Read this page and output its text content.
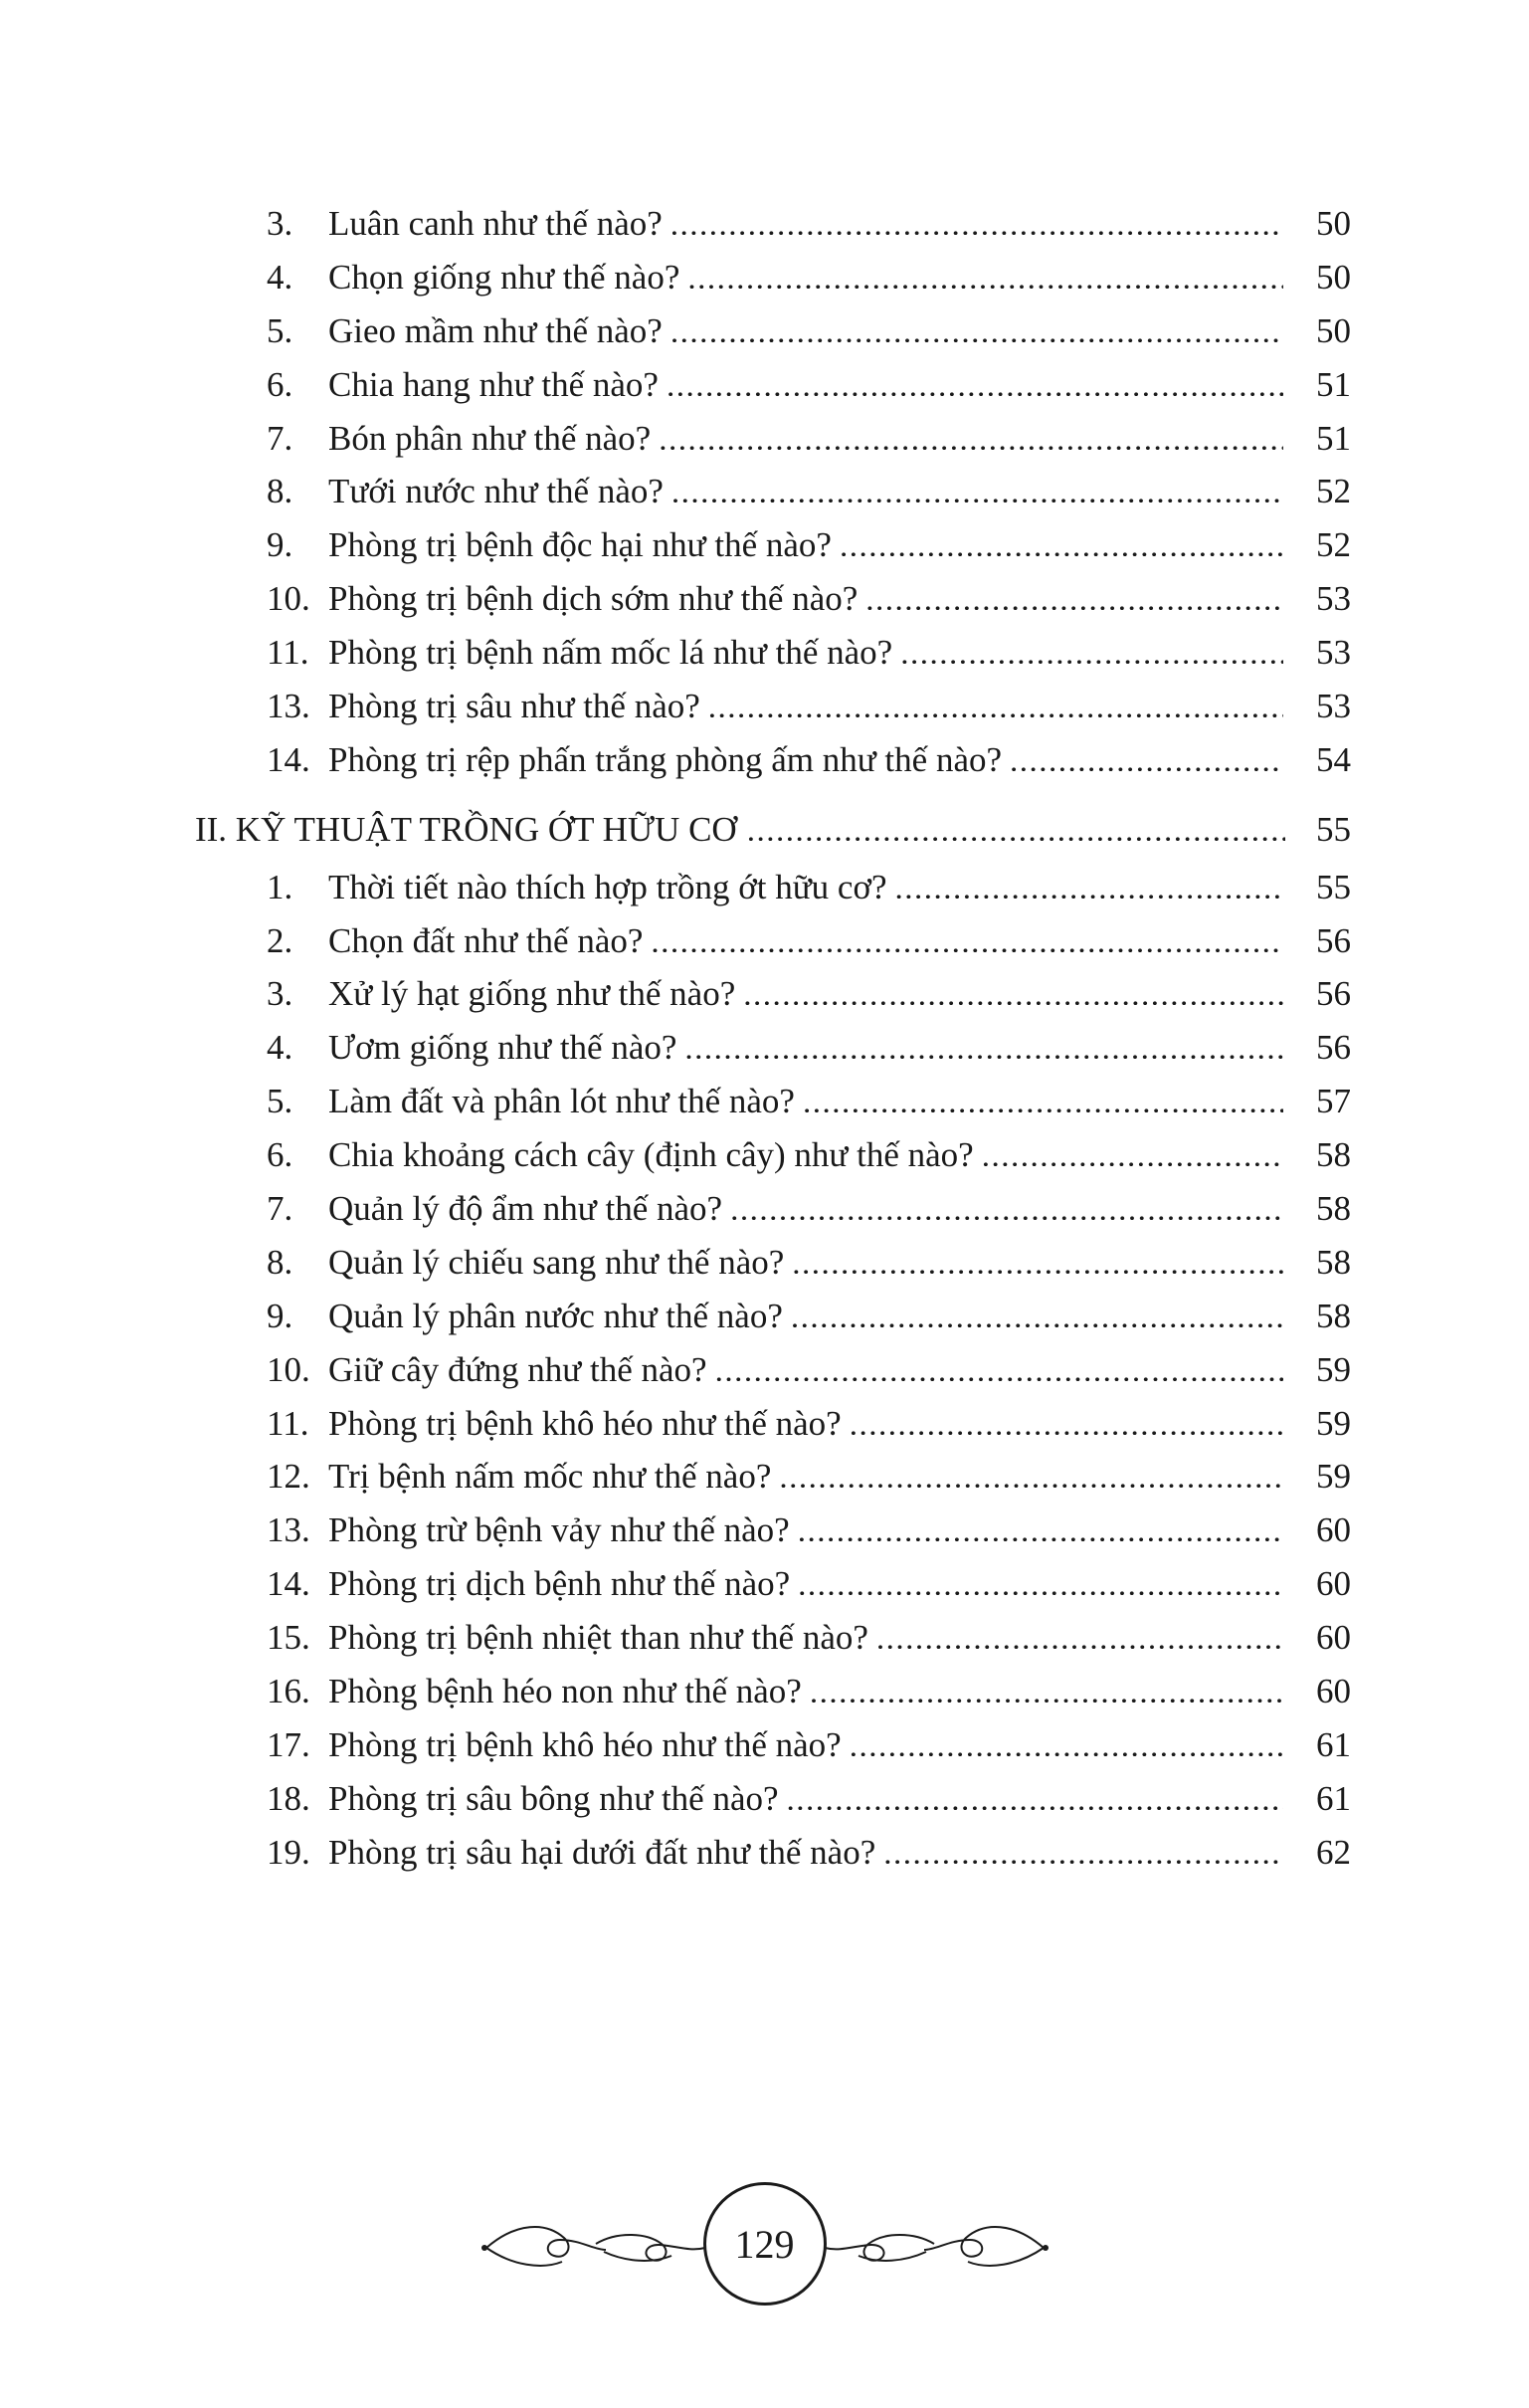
3.	Luân canh như thế nào? .....	50
4.	Chọn giống như thế nào? .....	50
5.	Gieo mầm như thế nào? .....	50
6.	Chia hang như thế nào? .....	51
7.	Bón phân như thế nào? .....	51
8.	Tưới nước như thế nào? .....	52
9.	Phòng trị bệnh độc hại như thế nào? .....	52
10. Phòng trị bệnh dịch sớm như thế nào? .....	53
11. Phòng trị bệnh nấm mốc lá như thế nào? .....	53
13. Phòng trị sâu như thế nào? .....	53
14. Phòng trị rệp phấn trắng phòng ấm như thế nào? .....	54
II. KỸ THUẬT TRỒNG ỚT HỮU CƠ .....	55
1.	Thời tiết nào thích hợp trồng ớt hữu cơ? .....	55
2.	Chọn đất như thế nào? .....	56
3.	Xử lý hạt giống như thế nào? .....	56
4.	Ươm giống như thế nào? .....	56
5.	Làm đất và phân lót như thế nào? .....	57
6.	Chia khoảng cách cây (định cây) như thế nào? .....	58
7.	Quản lý độ ẩm như thế nào? .....	58
8.	Quản lý chiếu sang như thế nào? .....	58
9.	Quản lý phân nước như thế nào? .....	58
10. Giữ cây đứng như thế nào? .....	59
11. Phòng trị bệnh khô héo như thế nào? .....	59
12. Trị bệnh nấm mốc như thế nào? .....	59
13. Phòng trừ bệnh vảy như thế nào? .....	60
14. Phòng trị dịch bệnh như thế nào? .....	60
15. Phòng trị bệnh nhiệt than như thế nào? .....	60
16. Phòng bệnh héo non như thế nào? .....	60
17. Phòng trị bệnh khô héo như thế nào? .....	61
18. Phòng trị sâu bông như thế nào? .....	61
19. Phòng trị sâu hại dưới đất như thế nào? .....	62
129
